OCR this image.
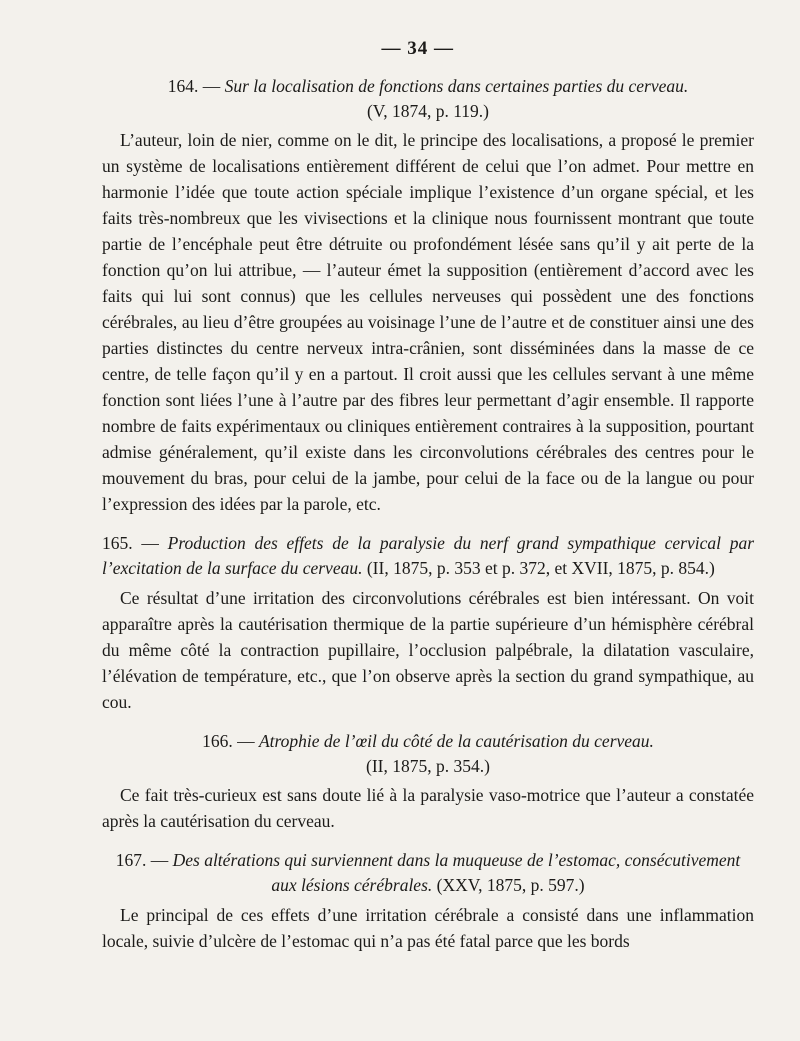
— 34 —
164. — Sur la localisation de fonctions dans certaines parties du cerveau.
(V, 1874, p. 119.)

L’auteur, loin de nier, comme on le dit, le principe des localisations, a proposé le premier un système de localisations entièrement différent de celui que l’on admet. Pour mettre en harmonie l’idée que toute action spéciale implique l’existence d’un organe spécial, et les faits très-nombreux que les vivisections et la clinique nous fournissent montrant que toute partie de l’encéphale peut être détruite ou profondément lésée sans qu’il y ait perte de la fonction qu’on lui attribue, — l’auteur émet la supposition (entièrement d’accord avec les faits qui lui sont connus) que les cellules nerveuses qui possèdent une des fonctions cérébrales, au lieu d’être groupées au voisinage l’une de l’autre et de constituer ainsi une des parties distinctes du centre nerveux intra-crânien, sont disséminées dans la masse de ce centre, de telle façon qu’il y en a partout. Il croit aussi que les cellules servant à une même fonction sont liées l’une à l’autre par des fibres leur permettant d’agir ensemble. Il rapporte nombre de faits expérimentaux ou cliniques entièrement contraires à la supposition, pourtant admise généralement, qu’il existe dans les circonvolutions cérébrales des centres pour le mouvement du bras, pour celui de la jambe, pour celui de la face ou de la langue ou pour l’expression des idées par la parole, etc.

165. — Production des effets de la paralysie du nerf grand sympathique cervical par l’excitation de la surface du cerveau. (II, 1875, p. 353 et p. 372, et XVII, 1875, p. 854.)

Ce résultat d’une irritation des circonvolutions cérébrales est bien intéressant. On voit apparaître après la cautérisation thermique de la partie supérieure d’un hémisphère cérébral du même côté la contraction pupillaire, l’occlusion palpébrale, la dilatation vasculaire, l’élévation de température, etc., que l’on observe après la section du grand sympathique, au cou.

166. — Atrophie de l’œil du côté de la cautérisation du cerveau.
(II, 1875, p. 354.)

Ce fait très-curieux est sans doute lié à la paralysie vaso-motrice que l’auteur a constatée après la cautérisation du cerveau.

167. — Des altérations qui surviennent dans la muqueuse de l’estomac, consécutivement aux lésions cérébrales. (XXV, 1875, p. 597.)

Le principal de ces effets d’une irritation cérébrale a consisté dans une inflammation locale, suivie d’ulcère de l’estomac qui n’a pas été fatal parce que les bords
